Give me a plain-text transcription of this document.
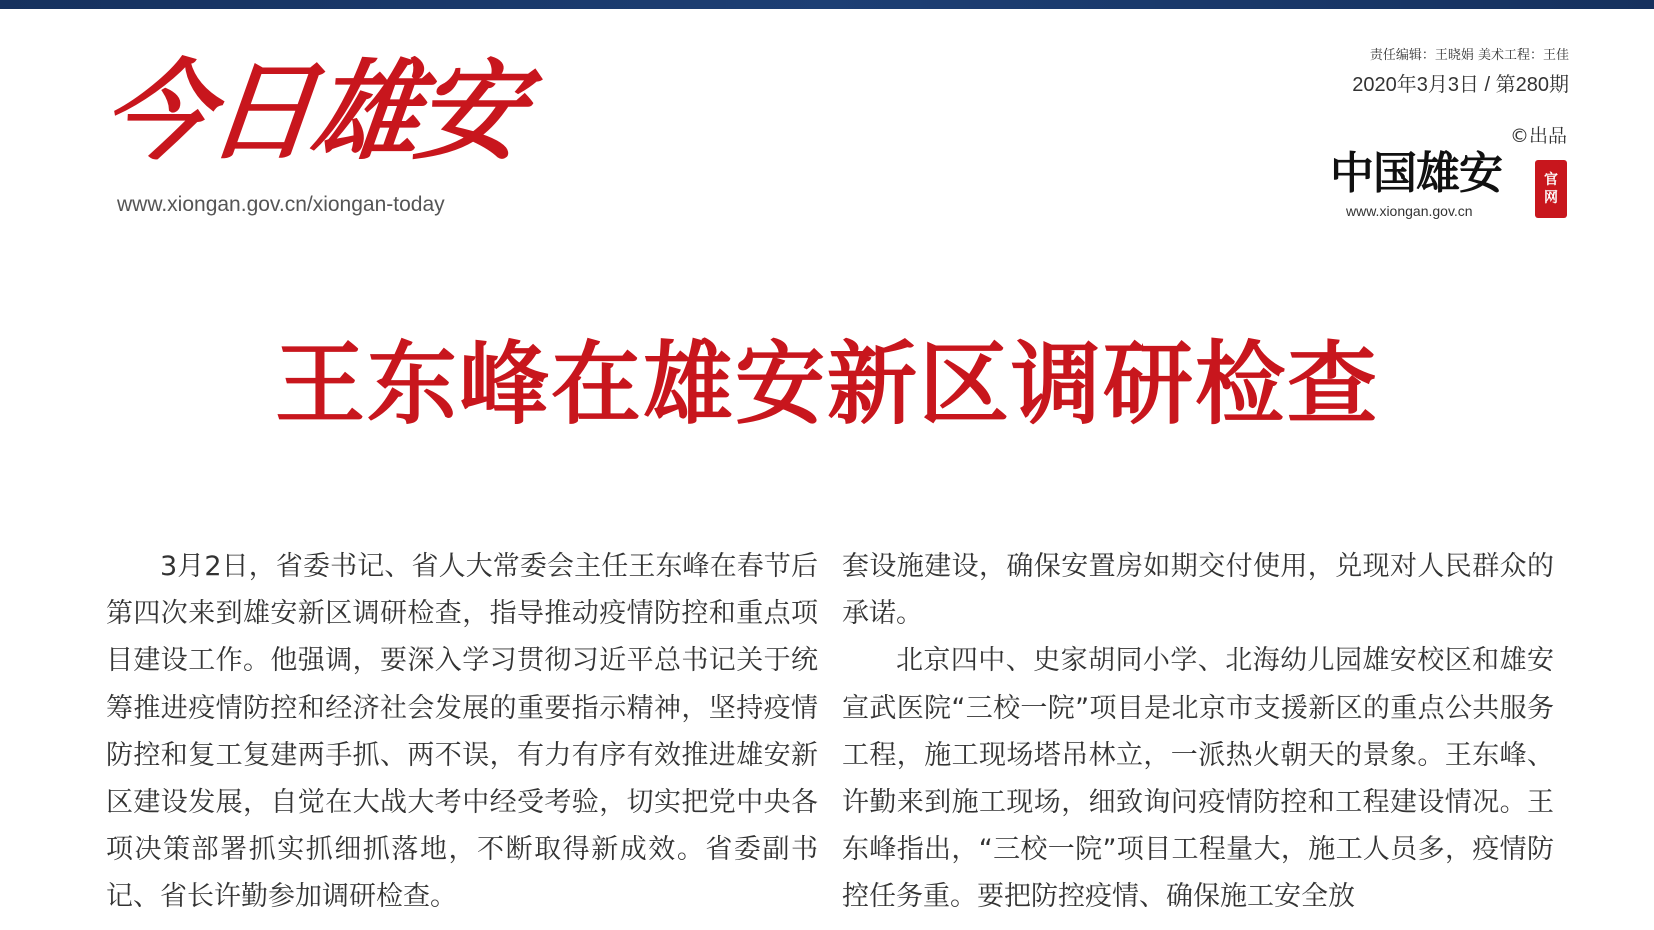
今日雄安
www.xiongan.gov.cn/xiongan-today
责任编辑：王晓娟 美术工程：王佳
2020年3月3日 / 第280期
©出品
中国雄安	官
网
www.xiongan.gov.cn
王东峰在雄安新区调研检查

3月2日，省委书记、省人大常委会主任王东峰在春节后第四次来到雄安新区调研检查，指导推动疫情防控和重点项目建设工作。他强调，要深入学习贯彻习近平总书记关于统筹推进疫情防控和经济社会发展的重要指示精神，坚持疫情防控和复工复建两手抓、两不误，有力有序有效推进雄安新区建设发展，自觉在大战大考中经受考验，切实把党中央各项决策部署抓实抓细抓落地，不断取得新成效。省委副书记、省长许勤参加调研检查。

套设施建设，确保安置房如期交付使用，兑现对人民群众的承诺。

北京四中、史家胡同小学、北海幼儿园雄安校区和雄安宣武医院“三校一院”项目是北京市支援新区的重点公共服务工程，施工现场塔吊林立，一派热火朝天的景象。王东峰、许勤来到施工现场，细致询问疫情防控和工程建设情况。王东峰指出，“三校一院”项目工程量大，施工人员多，疫情防控任务重。要把防控疫情、确保施工安全放
